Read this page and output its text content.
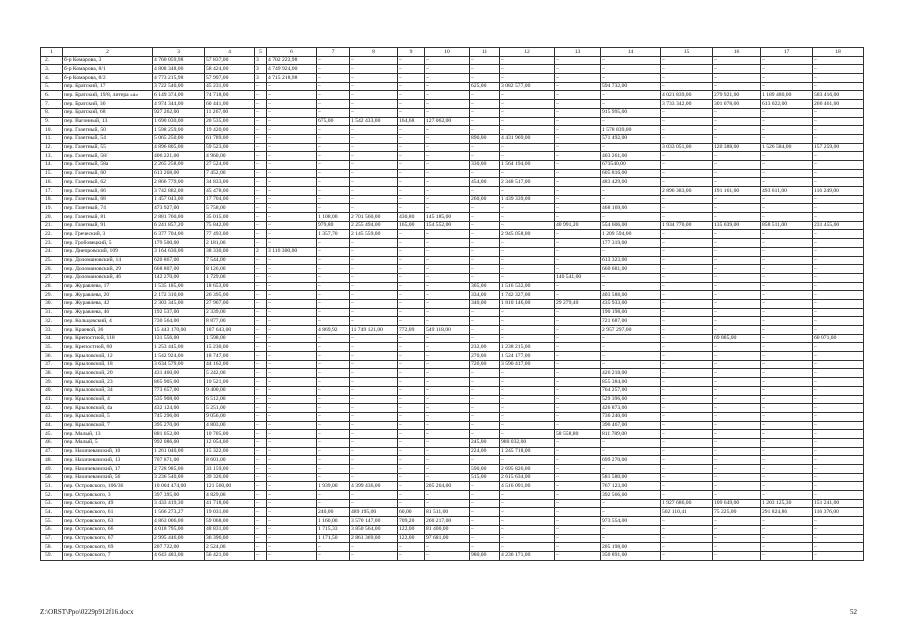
1	2	3	4	5	6	7	8	9	10	11	12	13	14	15	16	17	18
2.	б-р Комарова, 3	4 760 059,98	57 837,00	3	4 702 222,98	–	–	–	–	–	–	–	–	–	–	–	–
3.	б-р Комарова, 8/1	4 808 348,00	58 424,00	3	4 749 924,00	–	–	–	–	–	–	–	–	–	–	–	–
4.	б-р Комарова, 8/2	4 773 215,98	57 997,00	3	4 715 218,98	–	–	–	–	–	–	–	–	–	–	–	–
5.	пер. Братский, 17	3 722 540,00	45 231,00	–	–	–	–	–	–	625,00	3 082 577,00	–	594 732,00	–	–	–	–
6.	пер. Братский, 19/8, литера «а»	6 149 374,00	74 718,00	–	–	–	–	–	–	–	–	–	–	4 021 839,00	279 921,00	1 189 480,00	583 416,00
7.	пер. Братский, 36	4 974 344,00	60 441,00	–	–	–	–	–	–	–	–	–	–	3 733 342,00	301 078,00	613 022,00	266 461,00
8.	пер. Братский, 68	927 262,00	11 267,00	–	–	–	–	–	–	–	–	–	915 995,00	–	–	–	–
9.	пер. Вагонный, 13	1 690 030,00	20 535,00	–	–	675,00	1 542 433,00	164,68	127 062,00	–	–	–	–	–	–	–	–
10.	пер. Газетный, 50	1 598 259,00	19 420,00	–	–	–	–	–	–	–	–	–	1 578 839,00	–	–	–	–
11.	пер. Газетный, 54	5 065 250,00	61 789,00	–	–	–	–	–	–	890,00	4 431 969,00	–	571 492,00	–	–	–	–
12.	пер. Газетный, 55	4 896 805,00	59 523,00	–	–	–	–	–	–	–	–	–	–	3 033 051,00	120 388,00	1 526 584,00	157 259,00
13.	пер. Газетный, 58/	406 221,00	4 960,00	–	–	–	–	–	–	–	–	–	403 261,00	–	–	–	–
14.	пер. Газетный, 58а	2 265 258,00	27 524,00	–	–	–	–	–	–	330,00	1 564 194,00	–	673540,00	–	–	–	–
15.	пер. Газетный, 60	613 268,00	7 452,00	–	–	–	–	–	–	–	–	–	605 816,00	–	–	–	–
16.	пер. Газетный, 62	2 866 779,00	34 833,00	–	–	–	–	–	–	454,00	2 348 517,00	–	483 429,00	–	–	–	–
17.	пер. Газетный, 66	3 742 882,00	45 478,00	–	–	–	–	–	–	–	–	–	–	2 896 383,00	191 161,00	493 611,00	116 249,00
18.	пер. Газетный, 68	1 457 043,00	17 704,00	–	–	–	–	–	–	260,00	1 439 339,00	–	–	–	–	–	–
19.	пер. Газетный, 74	473 927,00	5 758,00	–	–	–	–	–	–	–	–	–	468 169,00	–	–	–	–
20.	пер. Газетный, 81	2 881 760,00	35 015,00	–	–	1 108,00	2 701 560,00	430,80	145 185,00	–	–	–	–	–	–	–	–
21.	пер. Газетный, 91	6 241 857,20	75 842,00	–	–	979,80	2 255 494,00	165,00	154 552,00	–	–	40 991,20	554 606,00	1 934 770,00	135 039,00	858 511,00	231 455,00
22.	пер. Греческий, 3	6 377 704,00	77 493,00	–	–	1 357,70	2 145 559,00	–	–	–	2 945 058,00	–	1 209 594,00	–	–	–	–
23.	пер. Гробовецкий, 5	179 500,00	2 181,00	–	–	–	–	–	–	–	–	–	177 319,00	–	–	–	–
24.	пер. Днепровский, 109	3 164 630,00	38 330,00	2	3 116 300,00	–	–	–	–	–	–	–	–	–	–	–	–
25.	пер. Доломановский, 14	620 867,00	7 544,00	–	–	–	–	–	–	–	–	–	613 323,00	–	–	–	–
26.	пер. Доломановский, 29	668 807,00	8 126,00	–	–	–	–	–	–	–	–	–	660 681,00	–	–	–	–
27.	пер. Доломановский, 46	142 270,00	1 729,00	–	–	–	–	–	–	–	–	140 541,00	–	–	–	–	–
28.	пер. Журавлева, 17	1 535 185,00	18 653,00	–	–	–	–	–	–	305,00	1 516 532,00	–	–	–	–	–	–
29.	пер. Журавлева, 20	2 172 310,00	26 395,00	–	–	–	–	–	–	334,00	1 742 327,00	–	403 588,00	–	–	–	–
30.	пер. Журавлева, 42	2 303 345,00	27 967,00	–	–	–	–	–	–	340,00	1 810 146,00	29 279,40	435 933,00	–	–	–	–
31.	пер. Журавлева, 46	192 537,00	2 339,00	–	–	–	–	–	–	–	–	–	190 198,00	–	–	–	–
32.	пер. Кольцовский, 4	730 564,00	8 877,00	–	–	–	–	–	–	–	–	–	721 687,00	–	–	–	–
33.	пер. Краевой, 36	15 443 170,00	187 643,00	–	–	4 869,92	11 749 121,00	772,09	549 118,00	–	–	–	2 957 297,00	–	–	–	–
34.	пер. Крепостной, 118	131 556,00	1 598,00	–	–	–	–	–	–	–	–	–	–	–	69 885,00	–	60 071,00
35.	пер. Крепостной, 60	1 253 445,00	15 230,00	–	–	–	–	–	–	232,00	1 238 215,00	–	–	–	–	–	–
36.	пер. Крыловской, 12	1 542 924,00	18 747,00	–	–	–	–	–	–	270,00	1 524 177,00	–	–	–	–	–	–
37.	пер. Крыловской, 18	3 634 579,00	44 162,00	–	–	–	–	–	–	720,00	3 590 417,00	–	–	–	–	–	–
38.	пер. Крыловской, 20	431 460,00	5 242,00	–	–	–	–	–	–	–	–	–	426 218,00	–	–	–	–
39.	пер. Крыловской, 23	865 905,00	10 521,00	–	–	–	–	–	–	–	–	–	855 384,00	–	–	–	–
40.	пер. Крыловской, 34	773 657,00	9 400,00	–	–	–	–	–	–	–	–	–	764 257,00	–	–	–	–
41.	пер. Крыловской, 4	535 908,00	6 512,00	–	–	–	–	–	–	–	–	–	529 396,00	–	–	–	–
42.	пер. Крыловской, 4а	432 124,00	5 251,00	–	–	–	–	–	–	–	–	–	426 873,00	–	–	–	–
43.	пер. Крыловской, 5	745 296,00	9 056,00	–	–	–	–	–	–	–	–	–	736 240,00	–	–	–	–
44.	пер. Крыловской, 7	395 270,00	4 803,00	–	–	–	–	–	–	–	–	–	390 467,00	–	–	–	–
45.	пер. Малый, 13	881 052,00	10 705,00	–	–	–	–	–	–	–	–	58 558,80	811 789,00	–	–	–	–
46.	пер. Малый, 5	992 086,00	12 054,00	–	–	–	–	–	–	245,00	980 032,00	–	–	–	–	–	–
47.	пер. Нахичеванский, 10	1 261 040,00	15 322,00	–	–	–	–	–	–	224,00	1 245 718,00	–	–	–	–	–	–
48.	пер. Нахичеванский, 13	707 871,00	8 601,00	–	–	–	–	–	–	–	–	–	699 270,00	–	–	–	–
49.	пер. Нахичеванский, 17	2 728 985,00	33 159,00	–	–	–	–	–	–	590,00	2 695 826,00	–	–	–	–	–	–
50.	пер. Нахичеванский, 56	3 236 540,00	39 326,00	–	–	–	–	–	–	515,00	2 615 634,00	–	581 580,00	–	–	–	–
51.	пер. Островского, 106/36	10 004 474,00	121 560,00	–	–	1 939,00	4 399 436,00	–	205 264,00	–	4 516 091,00	–	767 123,00	–	–	–	–
52.	пер. Островского, 3	397 395,00	4 829,00	–	–	–	–	–	–	–	–	–	392 566,00	–	–	–	–
53.	пер. Островского, 49	3 433 419,30	41 718,00	–	–	–	–	–	–	–	–	–	–	1 927 686,00	109 649,00	1 203 125,30	151 241,00
54.	пер. Островского, 61	1 566 273,27	19 031,00	–	–	240,00	489 195,00	60,00	81 511,00	–	–	–	–	502 110,41	75 225,00	291 824,86	116 376,00
55.	пер. Островского, 63	4 863 006,00	59 068,00	–	–	1 160,00	3 570 147,00	709,20	260 217,00	–	–	–	973 554,00	–	–	–	–
56.	пер. Островского, 66	4 018 795,00	48 831,00	–	–	1 715,33	3 850 564,00	122,00	81 400,00	–	–	–	–	–	–	–	–
57.	пер. Островского, 67	2 995 446,00	36 396,00	–	–	1 171,50	2 861 369,00	122,00	97 681,00	–	–	–	–	–	–	–	–
58.	пер. Островского, 69	207 722,00	2 524,00	–	–	–	–	–	–	–	–	–	205 198,00	–	–	–	–
59.	пер. Островского, 7	4 643 483,00	56 421,00	–	–	–	–	–	–	980,00	4 236 171,00	–	350 891,00	–	–	–	–
Z:\ORST\Ppo\0229p912f16.docx	52
